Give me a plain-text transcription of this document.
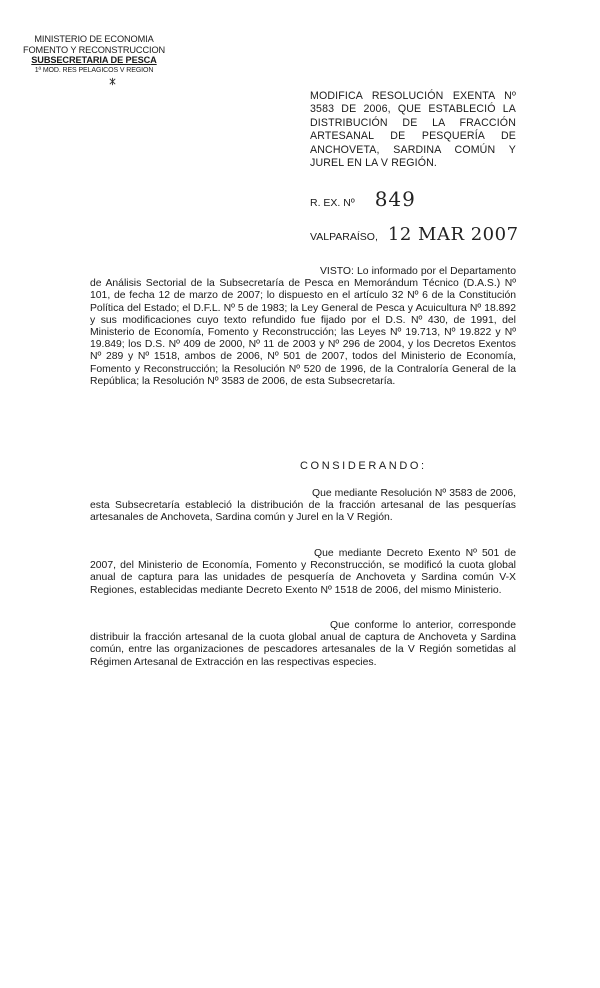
MINISTERIO DE ECONOMIA
FOMENTO Y RECONSTRUCCION
SUBSECRETARIA DE PESCA
1ª MOD. RES PELAGICOS V REGION
MODIFICA RESOLUCIÓN EXENTA Nº 3583 DE 2006, QUE ESTABLECIÓ LA DISTRIBUCIÓN DE LA FRACCIÓN ARTESANAL DE PESQUERÍA DE ANCHOVETA, SARDINA COMÚN Y JUREL EN LA V REGIÓN.
R. EX. Nº 849
VALPARAÍSO, 12 MAR 2007
VISTO: Lo informado por el Departamento de Análisis Sectorial de la Subsecretaría de Pesca en Memorándum Técnico (D.A.S.) Nº 101, de fecha 12 de marzo de 2007; lo dispuesto en el artículo 32 Nº 6 de la Constitución Política del Estado; el D.F.L. Nº 5 de 1983; la Ley General de Pesca y Acuicultura Nº 18.892 y sus modificaciones cuyo texto refundido fue fijado por el D.S. Nº 430, de 1991, del Ministerio de Economía, Fomento y Reconstrucción; las Leyes Nº 19.713, Nº 19.822 y Nº 19.849; los D.S. Nº 409 de 2000, Nº 11 de 2003 y Nº 296 de 2004, y los Decretos Exentos Nº 289 y Nº 1518, ambos de 2006, Nº 501 de 2007, todos del Ministerio de Economía, Fomento y Reconstrucción; la Resolución Nº 520 de 1996, de la Contraloría General de la República; la Resolución Nº 3583 de 2006, de esta Subsecretaría.
CONSIDERANDO:
Que mediante Resolución Nº 3583 de 2006, esta Subsecretaría estableció la distribución de la fracción artesanal de las pesquerías artesanales de Anchoveta, Sardina común y Jurel en la V Región.
Que mediante Decreto Exento Nº 501 de 2007, del Ministerio de Economía, Fomento y Reconstrucción, se modificó la cuota global anual de captura para las unidades de pesquería de Anchoveta y Sardina común V-X Regiones, establecidas mediante Decreto Exento Nº 1518 de 2006, del mismo Ministerio.
Que conforme lo anterior, corresponde distribuir la fracción artesanal de la cuota global anual de captura de Anchoveta y Sardina común, entre las organizaciones de pescadores artesanales de la V Región sometidas al Régimen Artesanal de Extracción en las respectivas especies.
